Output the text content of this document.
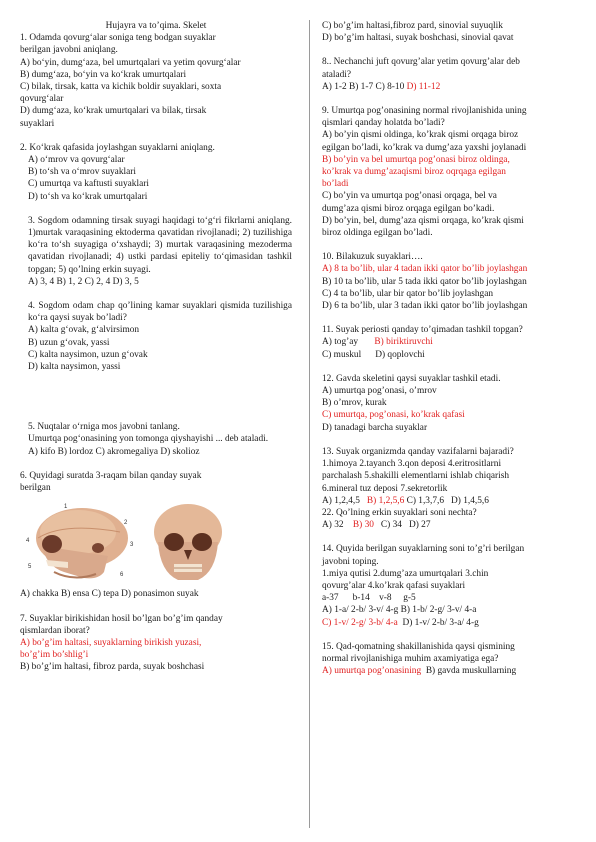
Hujayra va to’qima. Skelet
1. Odamda qovurg‘alar soniga teng bodgan suyaklar
berilgan javobni aniqlang.
A) bo‘yin, dumg‘aza, bel umurtqalari va yetim qovurg‘alar
B) dumg‘aza, bo‘yin va ko‘krak umurtqalari
C) bilak, tirsak, katta va kichik boldir suyaklari, soxta
qovurg‘alar
D) dumg‘aza, ko‘krak umurtqalari va bilak, tirsak
suyaklari
2. Ko‘krak qafasida joylashgan suyaklarni aniqlang.
A) o‘mrov va qovurg‘alar
B) to‘sh va o‘mrov suyaklari
C) umurtqa va kaftusti suyaklari
D) to‘sh va ko‘krak umurtqalari
3. Sogdom odamning tirsak suyagi haqidagi to‘g‘ri fikrlarni aniqlang. 1)murtak varaqasining ektoderma qavatidan rivojlanadi; 2) tuzilishiga ko‘ra to‘sh suyagiga o‘xshaydi; 3) murtak varaqasining mezoderma qavatidan rivojlanadi; 4) ustki pardasi epiteliy to‘qimasidan tashkil topgan; 5) qo’lning erkin suyagi.
A) 3, 4 B) 1, 2 C) 2, 4 D) 3, 5
4. Sogdom odam chap qo’lining kamar suyaklari qismida tuzilishiga ko‘ra qaysi suyak bo’ladi?
A) kalta g‘ovak, g‘alvirsimon
B) uzun g‘ovak, yassi
C) kalta naysimon, uzun g‘ovak
D) kalta naysimon, yassi
5. Nuqtalar o‘rniga mos javobni tanlang.
Umurtqa pog‘onasining yon tomonga qiyshayishi ... deb ataladi.
A) kifo B) lordoz C) akromegaliya D) skolioz
6. Quyidagi suratda 3-raqam bilan qanday suyak
berilgan
1
2
3
4
5
6
A) chakka B) ensa C) tepa D) ponasimon suyak
7. Suyaklar birikishidan hosil bo’lgan bo’g’im qanday
qismlardan iborat?
A) bo’g’im haltasi, suyaklarning birikish yuzasi,
bo’g’im bo’shlig’i
B) bo’g’im haltasi, fibroz parda, suyak boshchasi
C) bo’g’im haltasi,fibroz pard, sinovial suyuqlik
D) bo’g’im haltasi, suyak boshchasi, sinovial qavat
8.. Nechanchi juft qovurg’alar yetim qovurg’alar deb
ataladi?
A) 1-2 B) 1-7 C) 8-10 D) 11-12
9. Umurtqa pog’onasining normal rivojlanishida uning
qismlari qanday holatda bo’ladi?
A) bo’yin qismi oldinga, ko’krak qismi orqaga biroz
egilgan bo’ladi, ko’krak va dumg’aza yaxshi joylanadi
B) bo’yin va bel umurtqa pog’onasi biroz oldinga,
ko’krak va dumg’azaqismi biroz oqrqaga egilgan
bo’ladi
C) bo’yin va umurtqa pog’onasi orqaga, bel va
dumg’aza qismi biroz orqaga egilgan bo’kadi.
D) bo’yin, bel, dumg’aza qismi orqaga, ko’krak qismi
biroz oldinga egilgan bo’ladi.
10. Bilakuzuk suyaklari….
A) 8 ta bo’lib, ular 4 tadan ikki qator bo’lib joylashgan
B) 10 ta bo’lib, ular 5 tada ikki qator bo’lib joylashgan
C) 4 ta bo’lib, ular bir qator bo’lib joylashgan
D) 6 ta bo’lib, ular 3 tadan ikki qator bo’lib joylashgan
11. Suyak periosti qanday to’qimadan tashkil topgan?
A) tog’ay       B) biriktiruvchi
C) muskul      D) qoplovchi
12. Gavda skeletini qaysi suyaklar tashkil etadi.
A) umurtqa pog’onasi, o’mrov
B) o’mrov, kurak
C) umurtqa, pog’onasi, ko’krak qafasi
D) tanadagi barcha suyaklar
13. Suyak organizmda qanday vazifalarni bajaradi?
1.himoya 2.tayanch 3.qon deposi 4.eritrositlarni
parchalash 5.shakilli elementlarni ishlab chiqarish
6.mineral tuz deposi 7.sekretorlik
A) 1,2,4,5   B) 1,2,5,6 C) 1,3,7,6   D) 1,4,5,6
22. Qo’lning erkin suyaklari soni nechta?
A) 32    B) 30   C) 34   D) 27
14. Quyida berilgan suyaklarning soni to’g’ri berilgan
javobni toping.
1.miya qutisi 2.dumg’aza umurtqalari 3.chin
qovurg’alar 4.ko’krak qafasi suyaklari
a-37      b-14    v-8     g-5
A) 1-a/ 2-b/ 3-v/ 4-g B) 1-b/ 2-g/ 3-v/ 4-a
C) 1-v/ 2-g/ 3-b/ 4-a  D) 1-v/ 2-b/ 3-a/ 4-g
15. Qad-qomatning shakillanishida qaysi qismining
normal rivojlanishiga muhim axamiyatiga ega?
A) umurtqa pog’onasining  B) gavda muskullarning
